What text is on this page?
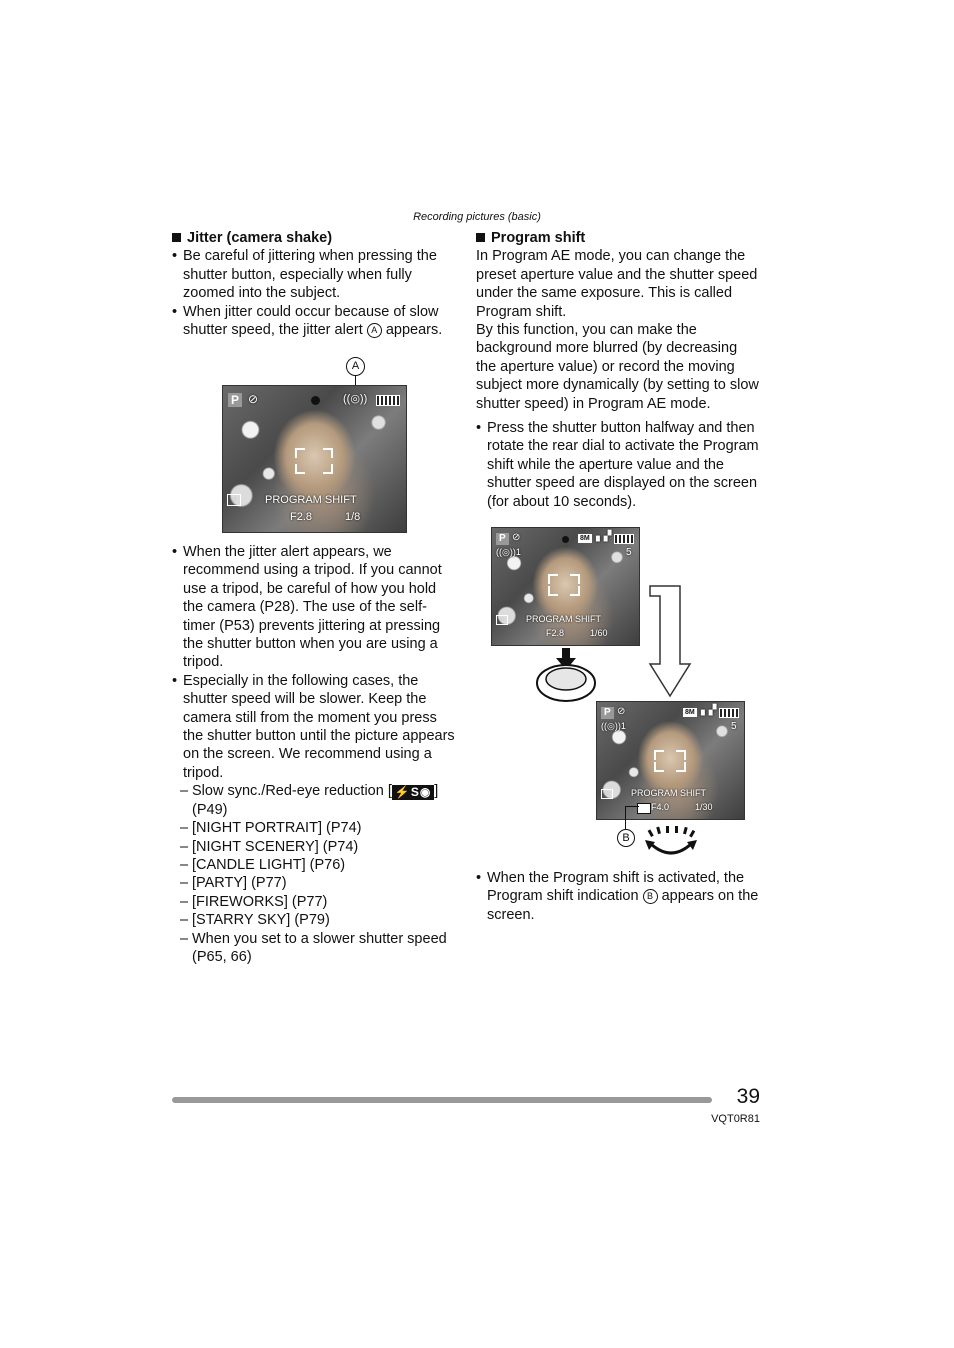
Recording pictures (basic)
Jitter (camera shake)
• Be careful of jittering when pressing the shutter button, especially when fully zoomed into the subject.
• When jitter could occur because of slow shutter speed, the jitter alert A appears.
A
P ⊘	((◎))
·	PROGRAM SHIFT
F2.8	1/8
• When the jitter alert appears, we recommend using a tripod. If you cannot use a tripod, be careful of how you hold the camera (P28). The use of the self-timer (P53) prevents jittering at pressing the shutter button when you are using a tripod.
• Especially in the following cases, the shutter speed will be slower. Keep the camera still from the moment you press the shutter button until the picture appears on the screen. We recommend using a tripod.
– Slow sync./Red-eye reduction [ ⚡S◉ ]
(P49)
– [NIGHT PORTRAIT] (P74)
– [NIGHT SCENERY] (P74)
– [CANDLE LIGHT] (P76)
– [PARTY] (P77)
– [FIREWORKS] (P77)
– [STARRY SKY] (P79)
– When you set to a slower shutter speed
(P65, 66)
Program shift
In Program AE mode, you can change the preset aperture value and the shutter speed under the same exposure. This is called Program shift.
By this function, you can make the background more blurred (by decreasing the aperture value) or record the moving subject more dynamically (by setting to slow shutter speed) in Program AE mode.
• Press the shutter button halfway and then rotate the rear dial to activate the Program shift while the aperture value and the shutter speed are displayed on the screen (for about 10 seconds).
P ⊘
((◎))1
8M ▖▞
5
·	PROGRAM SHIFT
F2.8	1/60
P ⊘
((◎))1
8M ▖▞
5
·	PROGRAM SHIFT
F4.0	1/30
B
• When the Program shift is activated, the Program shift indication B appears on the screen.
39
VQT0R81
